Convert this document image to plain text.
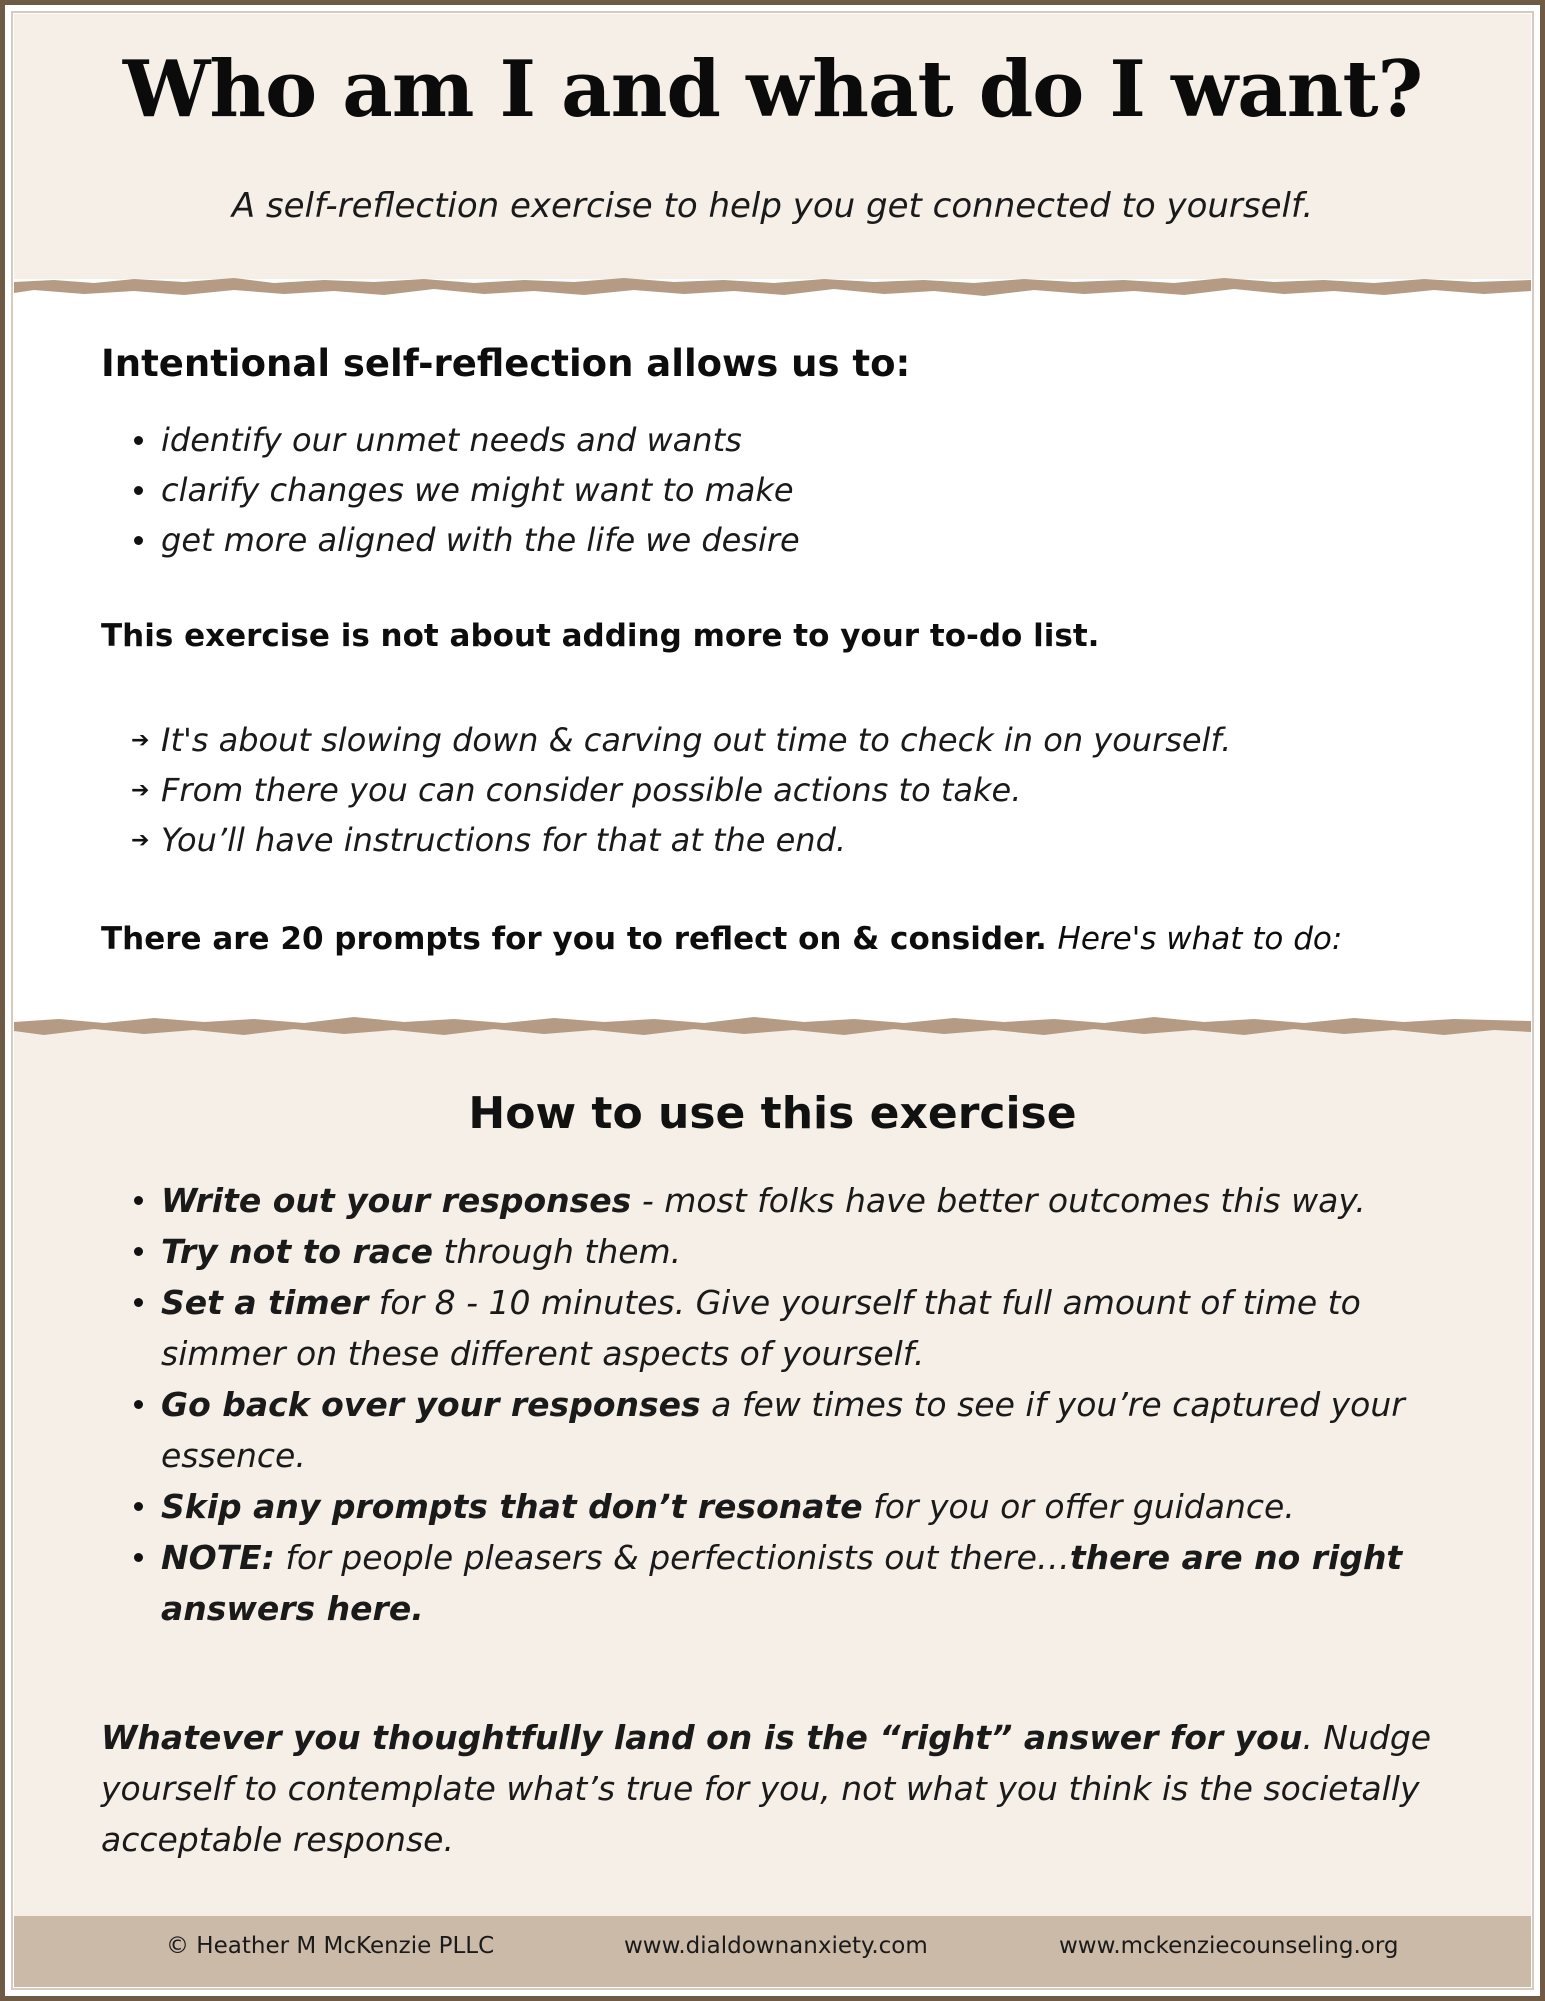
Who am I and what do I want?
A self-reflection exercise to help you get connected to yourself.
Intentional self-reflection allows us to:
identify our unmet needs and wants
clarify changes we might want to make
get more aligned with the life we desire
This exercise is not about adding more to your to-do list.
➔ It's about slowing down & carving out time to check in on yourself.
➔ From there you can consider possible actions to take.
➔ You’ll have instructions for that at the end.
There are 20 prompts for you to reflect on & consider. Here's what to do:
How to use this exercise
Write out your responses - most folks have better outcomes this way.
Try not to race through them.
Set a timer for 8 - 10 minutes. Give yourself that full amount of time to simmer on these different aspects of yourself.
Go back over your responses a few times to see if you’re captured your essence.
Skip any prompts that don’t resonate for you or offer guidance.
NOTE: for people pleasers & perfectionists out there…there are no right answers here.
Whatever you thoughtfully land on is the “right” answer for you. Nudge yourself to contemplate what’s true for you, not what you think is the societally acceptable response.
© Heather M McKenzie PLLC	www.dialdownanxiety.com	www.mckenziecounseling.org
